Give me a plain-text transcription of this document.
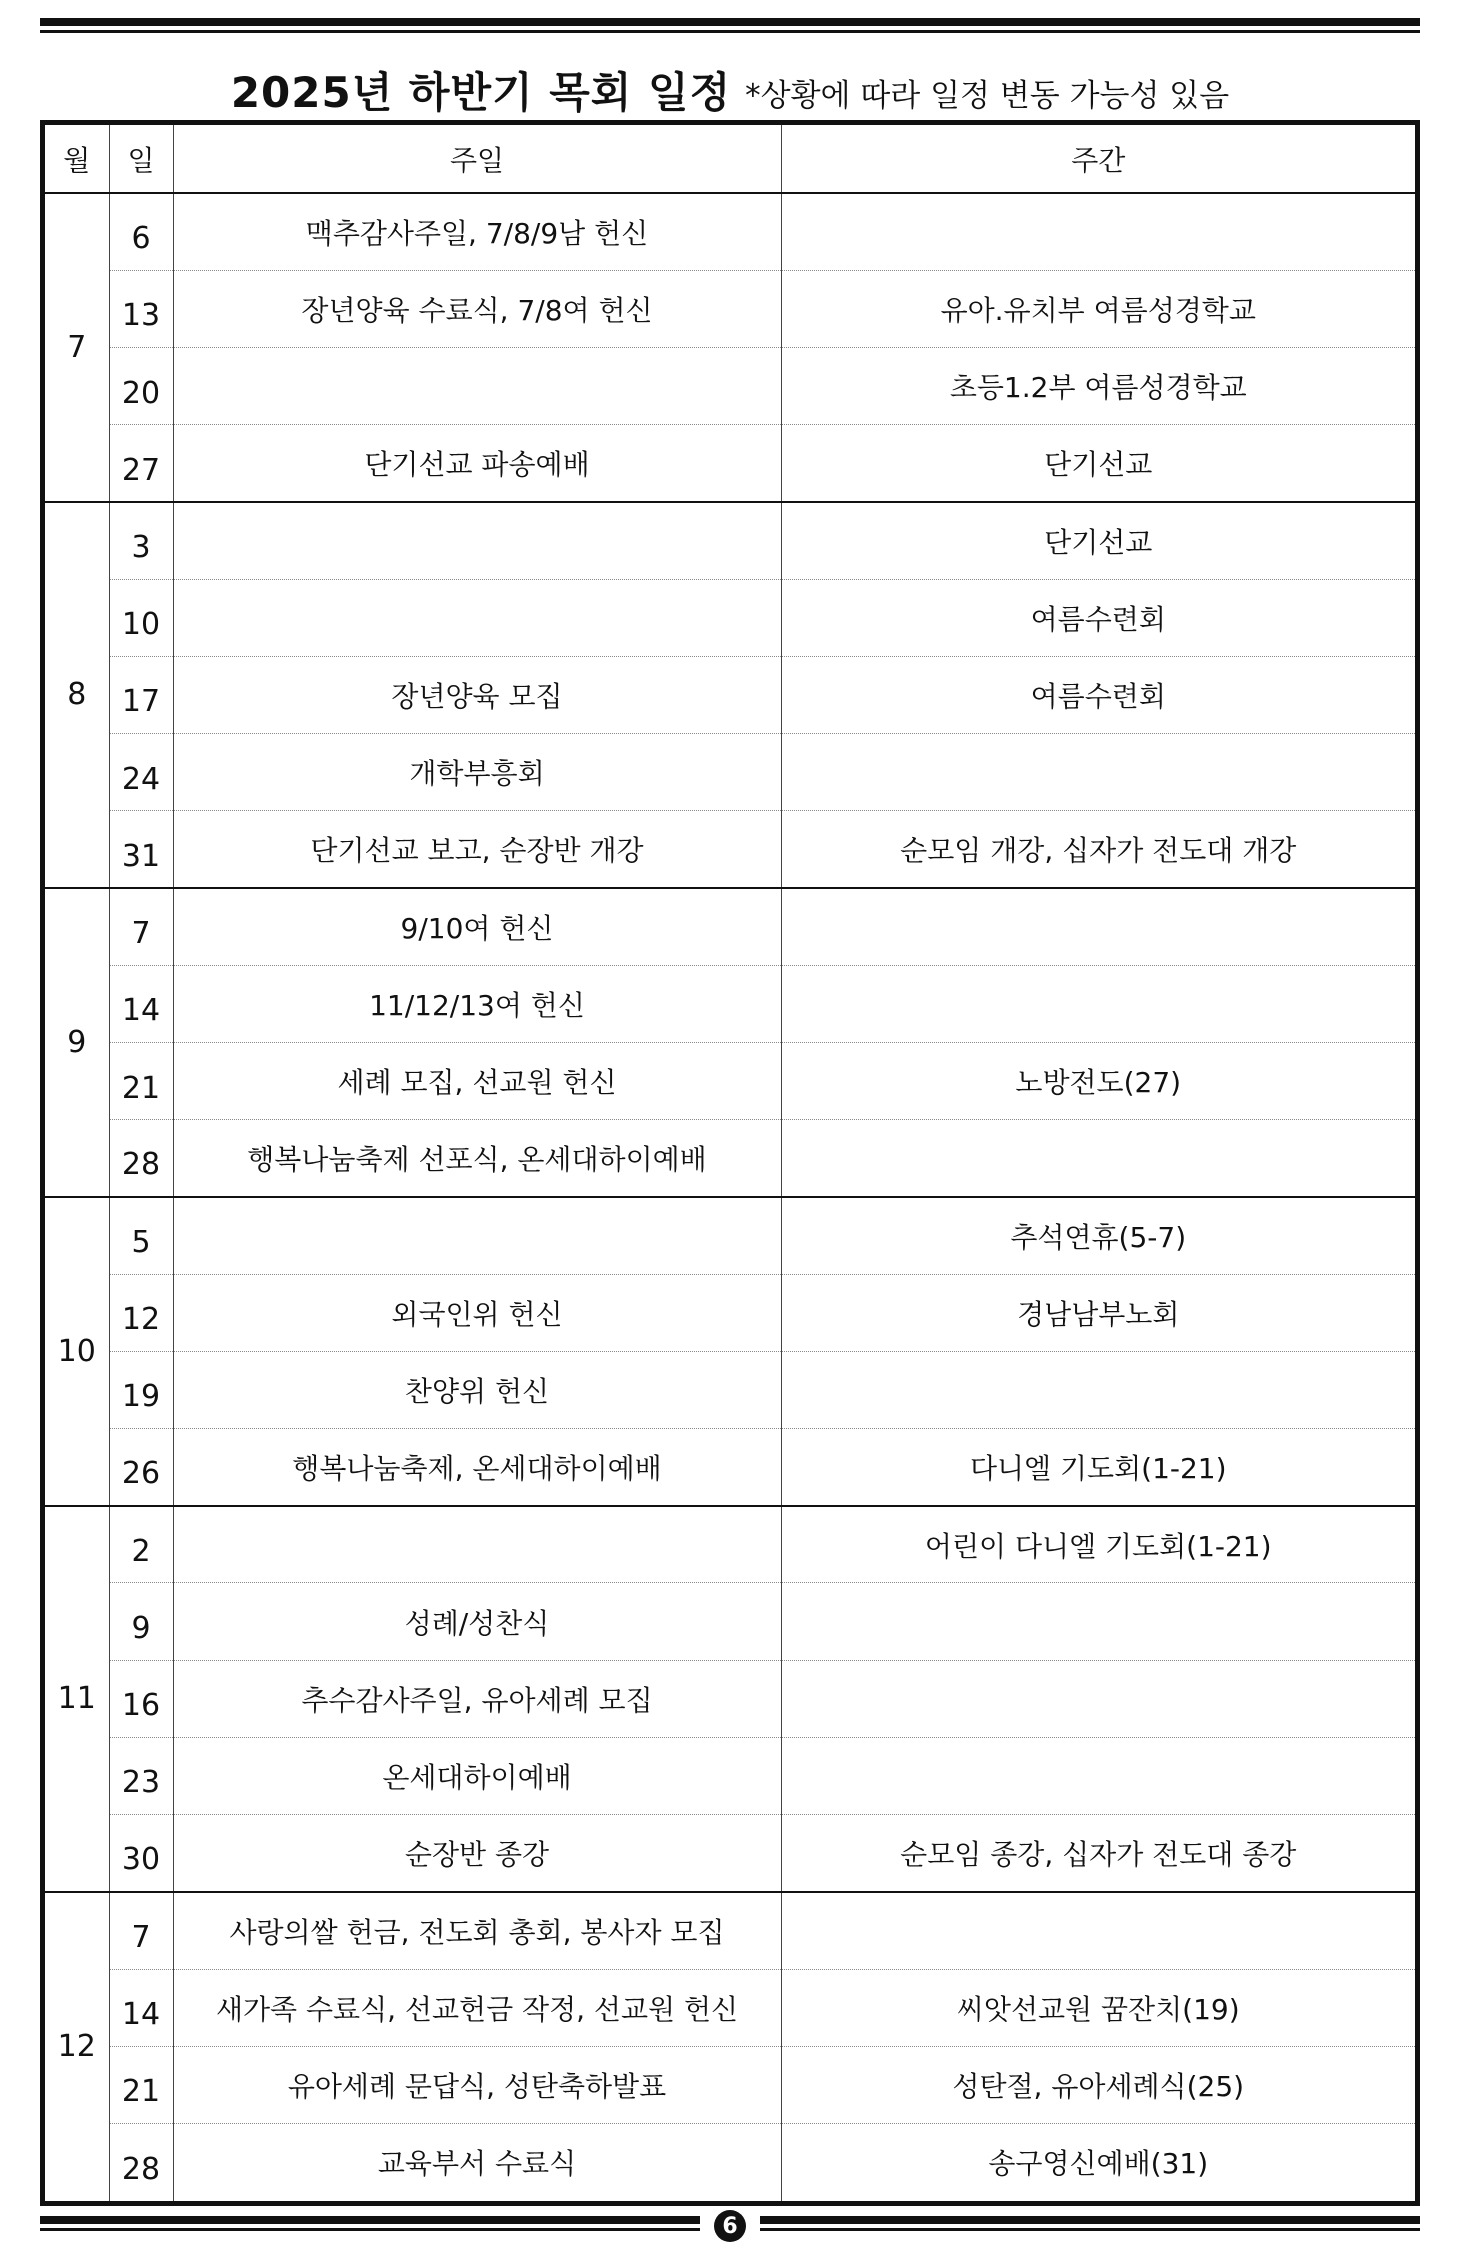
2025년 하반기 목회 일정 *상황에 따라 일정 변동 가능성 있음
월	일	주일	주간
7	6	맥추감사주일, 7/8/9남 헌신	
	13	장년양육 수료식, 7/8여 헌신	유아.유치부 여름성경학교
	20		초등1.2부 여름성경학교
	27	단기선교 파송예배	단기선교
8	3		단기선교
	10		여름수련회
	17	장년양육 모집	여름수련회
	24	개학부흥회	
	31	단기선교 보고, 순장반 개강	순모임 개강, 십자가 전도대 개강
9	7	9/10여 헌신	
	14	11/12/13여 헌신	
	21	세례 모집, 선교원 헌신	노방전도(27)
	28	행복나눔축제 선포식, 온세대하이예배	
10	5		추석연휴(5-7)
	12	외국인위 헌신	경남남부노회
	19	찬양위 헌신	
	26	행복나눔축제, 온세대하이예배	다니엘 기도회(1-21)
11	2		어린이 다니엘 기도회(1-21)
	9	성례/성찬식	
	16	추수감사주일, 유아세례 모집	
	23	온세대하이예배	
	30	순장반 종강	순모임 종강, 십자가 전도대 종강
12	7	사랑의쌀 헌금, 전도회 총회, 봉사자 모집	
	14	새가족 수료식, 선교헌금 작정, 선교원 헌신	씨앗선교원 꿈잔치(19)
	21	유아세례 문답식, 성탄축하발표	성탄절, 유아세례식(25)
	28	교육부서 수료식	송구영신예배(31)
6
